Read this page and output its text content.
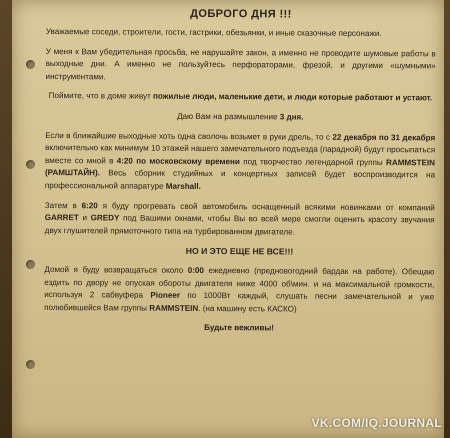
ДОБРОГО ДНЯ !!!
Уважаемые соседи, строители, гости, гастрики, обезьянки, и иные сказочные персонажи.
У меня к Вам убедительная просьба, не нарушайте закон, а именно не проводите шумовые работы в выходные дни. А именно не пользуйтесь перфораторами, фрезой, и другими «шумными» инструментами.
Поймите, что в доме живут пожилые люди, маленькие дети, и люди которые работают и устают.
Даю Вам на размышление 3 дня.
Если в ближайшие выходные хоть одна сволочь возьмет в руки дрель, то с 22 декабря по 31 декабря включительно как минимум 10 этажей нашего замечательного подъезда (парадной) будут просыпаться вместе со мной в 4:20 по московскому времени под творчество легендарной группы RAMMSTEIN (РАМШТАЙН). Весь сборник студийных и концертных записей будет воспроизводится на профессиональной аппаратуре Marshall.
Затем в 6:20 я буду прогревать свой автомобиль оснащенный всякими новинками от компаний GARRET и GREDY под Вашими окнами, чтобы Вы во всей мере смогли оценить красоту звучания двух глушителей прямоточного типа на турбированном двигателе.
НО И ЭТО ЕЩЕ НЕ ВСЕ!!!
Домой я буду возвращаться около 0:00 ежедневно (предновогодний бардак на работе). Обещаю ездить по двору не опуская обороты двигателя ниже 4000 об\мин. и на максимальной громкости, используя 2 сабвуфера Pioneer по 1000Вт каждый, слушать песни замечательной и уже полюбившейся Вам группы RAMMSTEIN. (на машину есть КАСКО)
Будьте вежливы!
VK.COM/IQ.JOURNAL
